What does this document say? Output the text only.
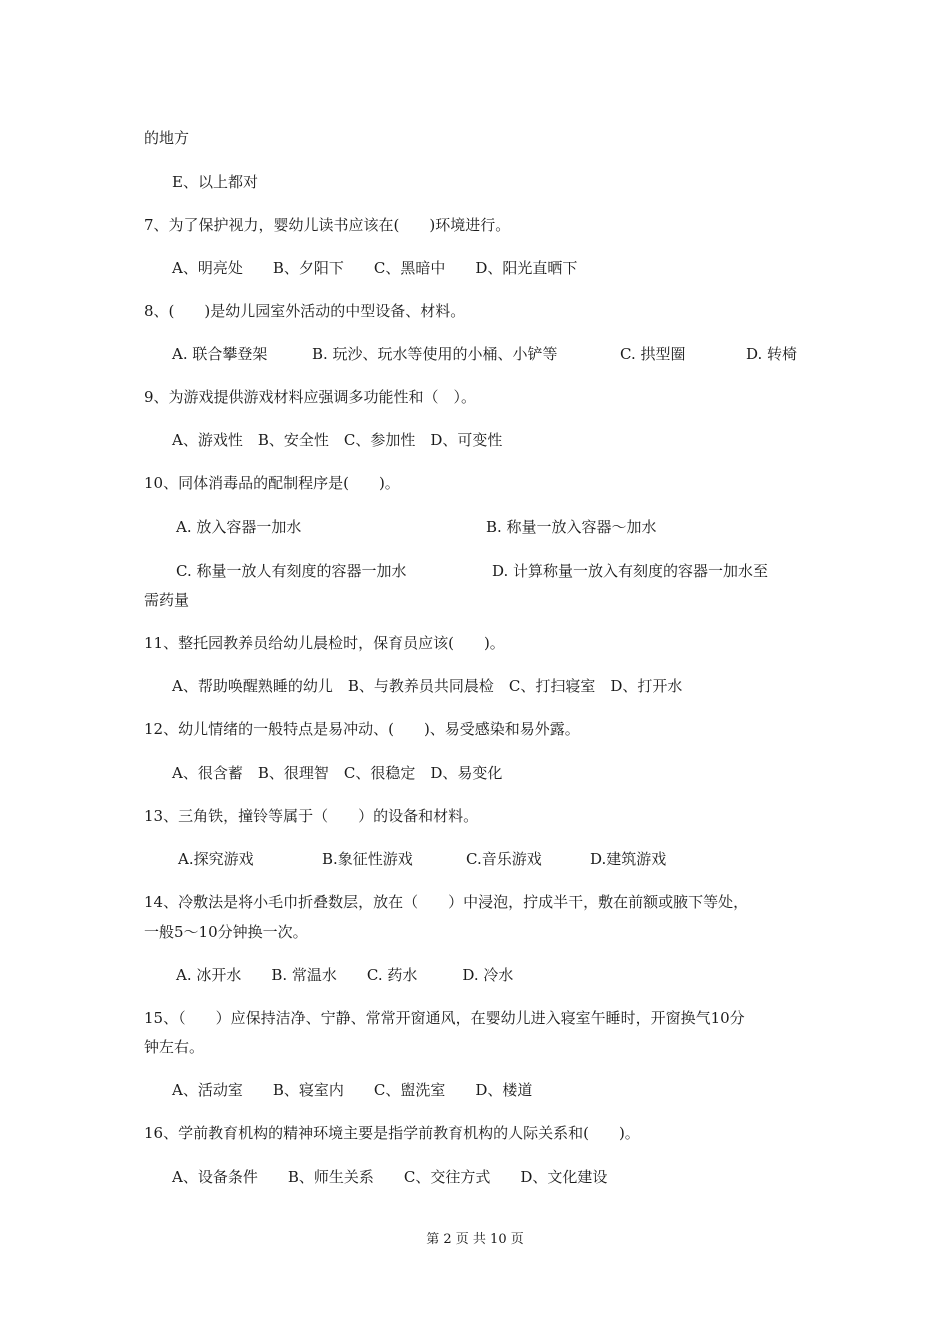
的地方
E、以上都对
7、为了保护视力，婴幼儿读书应该在(　　)环境进行。
A、明亮处　　B、夕阳下　　C、黑暗中　　D、阳光直晒下
8、(　　)是幼儿园室外活动的中型设备、材料。
A. 联合攀登架	B. 玩沙、玩水等使用的小桶、小铲等	C. 拱型圈	D. 转椅
9、为游戏提供游戏材料应强调多功能性和（　）。
A、游戏性　B、安全性　C、参加性　D、可变性
10、同体消毒品的配制程序是(　　)。
A. 放入容器一加水	B. 称量一放入容器～加水
C. 称量一放人有刻度的容器一加水	D. 计算称量一放入有刻度的容器一加水至
需药量
11、整托园教养员给幼儿晨检时，保育员应该(　　)。
A、帮助唤醒熟睡的幼儿　B、与教养员共同晨检　C、打扫寝室　D、打开水
12、幼儿情绪的一般特点是易冲动、(　　)、易受感染和易外露。
A、很含蓄　B、很理智　C、很稳定　D、易变化
13、三角铁，撞铃等属于（　　）的设备和材料。
A.探究游戏	B.象征性游戏	C.音乐游戏	D.建筑游戏
14、冷敷法是将小毛巾折叠数层，放在（　　）中浸泡，拧成半干，敷在前额或腋下等处，
一般5～10分钟换一次。
A. 冰开水　　B. 常温水　　C. 药水　　　D. 冷水
15、（　　）应保持洁净、宁静、常常开窗通风，在婴幼儿进入寝室午睡时，开窗换气10分
钟左右。
A、活动室　　B、寝室内　　C、盥洗室　　D、楼道
16、学前教育机构的精神环境主要是指学前教育机构的人际关系和(　　)。
A、设备条件　　B、师生关系　　C、交往方式　　D、文化建设
第 2 页 共 10 页
